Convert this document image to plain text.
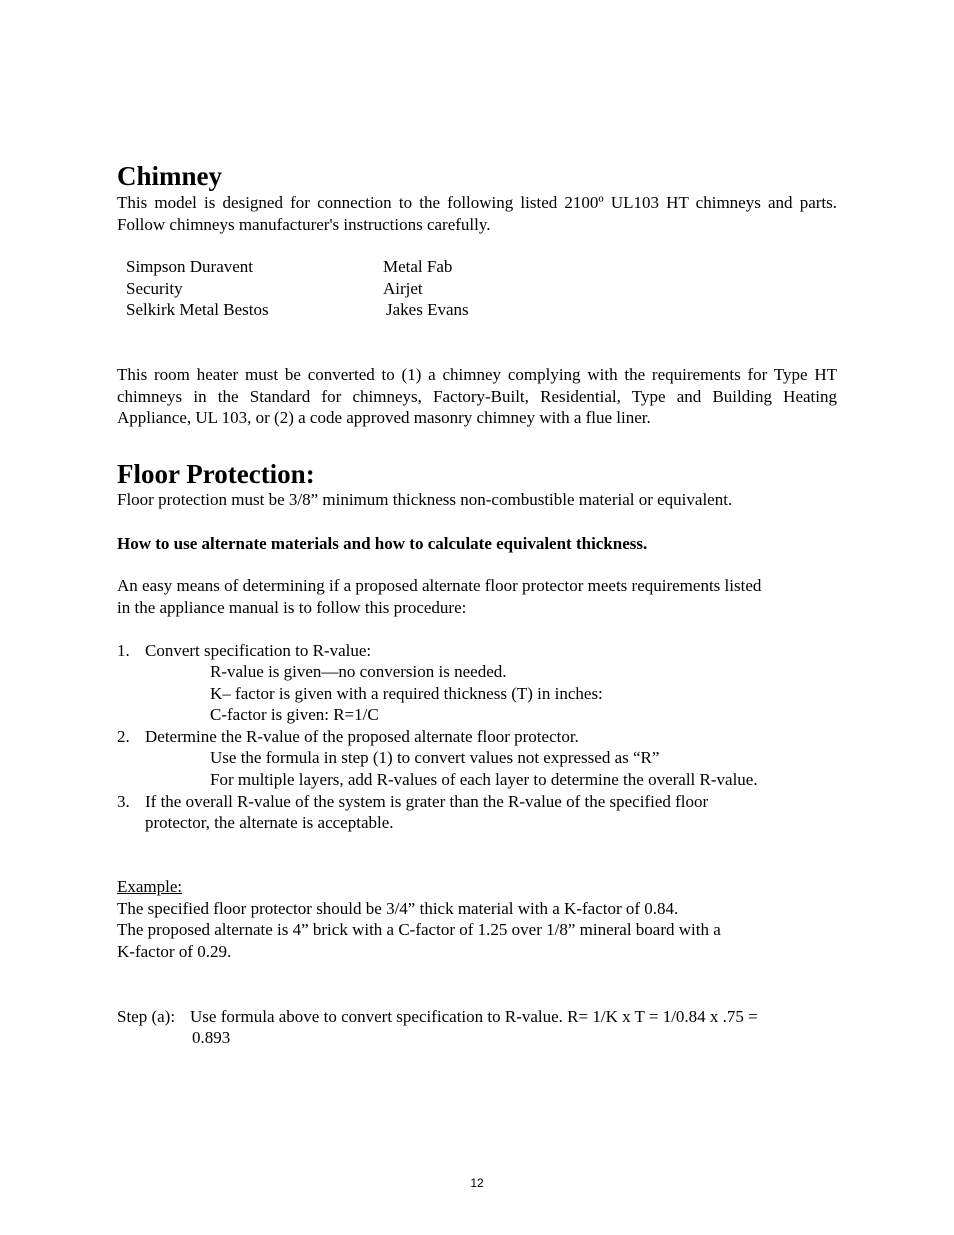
Chimney
This model is designed for connection to the following listed 2100º UL103 HT chimneys and parts. Follow chimneys manufacturer's instructions carefully.
Simpson Duravent
Security
Selkirk Metal Bestos
Metal Fab
Airjet
Jakes Evans
This room heater must be converted to (1) a chimney complying with the requirements for Type HT chimneys in the Standard for chimneys, Factory-Built, Residential, Type and Building Heating Appliance, UL 103, or (2) a code approved masonry chimney with a flue liner.
Floor Protection:
Floor protection must be 3/8” minimum thickness non-combustible material or equivalent.
How to use alternate materials and how to calculate equivalent thickness.
An easy means of determining if a proposed alternate floor protector meets requirements listed
in the appliance manual is to follow this procedure:
1. Convert specification to R-value:
R-value is given—no conversion is needed.
K– factor is given with a required thickness (T) in inches:
C-factor is given: R=1/C
2. Determine the R-value of the proposed alternate floor protector.
Use the formula in step (1) to convert values not expressed as “R”
For multiple layers, add R-values of each layer to determine the overall R-value.
3. If the overall R-value of the system is grater than the R-value of the specified floor
protector, the alternate is acceptable.
Example:
The specified floor protector should be 3/4” thick material with a K-factor of 0.84.
The proposed alternate is 4” brick with a C-factor of 1.25 over 1/8” mineral board with a
K-factor of 0.29.
Step (a): Use formula above to convert specification to R-value. R= 1/K x T = 1/0.84 x .75 =
0.893
12
